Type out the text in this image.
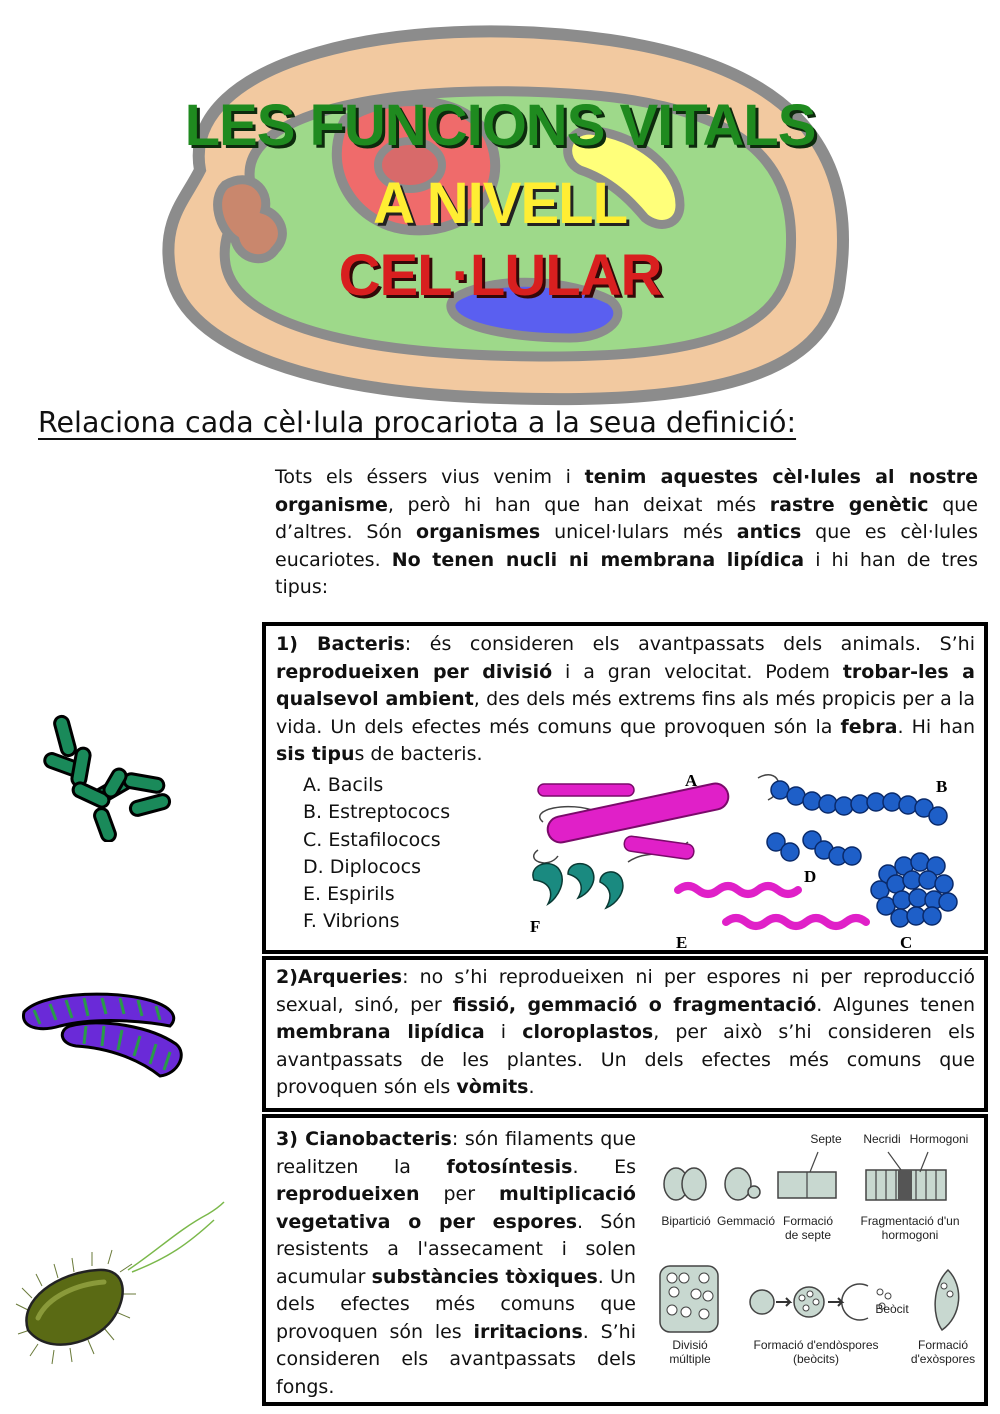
LES FUNCIONS VITALS
A NIVELL
CEL·LULAR
Relaciona cada cèl·lula procariota a la seua definició:

Tots els éssers vius venim i tenim aquestes cèl·lules al nostre organisme, però hi han que han deixat més rastre genètic que d’altres. Són organismes unicel·lulars més antics que es cèl·lules eucariotes. No tenen nucli ni membrana lipídica i hi han de tres tipus:

1) Bacteris: és consideren els avantpassats dels animals. S’hi reprodueixen per divisió i a gran velocitat. Podem trobar-les a qualsevol ambient, des dels més extrems fins als més propicis per a la vida. Un dels efectes més comuns que provoquen són la febra. Hi han sis tipus de bacteris.

A. Bacils
B. Estreptococs
C. Estafilococs
D. Diplococs
E. Espirils
F. Vibrions
A	B
D
C
E
F

2)Arqueries: no s’hi reprodueixen ni per espores ni per reproducció sexual, sinó, per fissió, gemmació o fragmentació. Algunes tenen membrana lipídica i cloroplastos, per això s’hi consideren els avantpassats de les plantes. Un dels efectes més comuns que provoquen són els vòmits.

3) Cianobacteris: són filaments que realitzen la fotosíntesis. Es reprodueixen per multiplicació vegetativa o per espores. Són resistents a l'assecament i solen acumular substàncies tòxiques. Un dels efectes més comuns que provoquen són les irritacions. S’hi consideren els avantpassats dels fongs.

Septe	Necridi Hormogoni
Bipartició Gemmació Formació de septe
Fragmentació d'un hormogoni
Divisió múltiple
Formació d'endòspores (beòcits)
Beòcit
Formació d'exòspores
